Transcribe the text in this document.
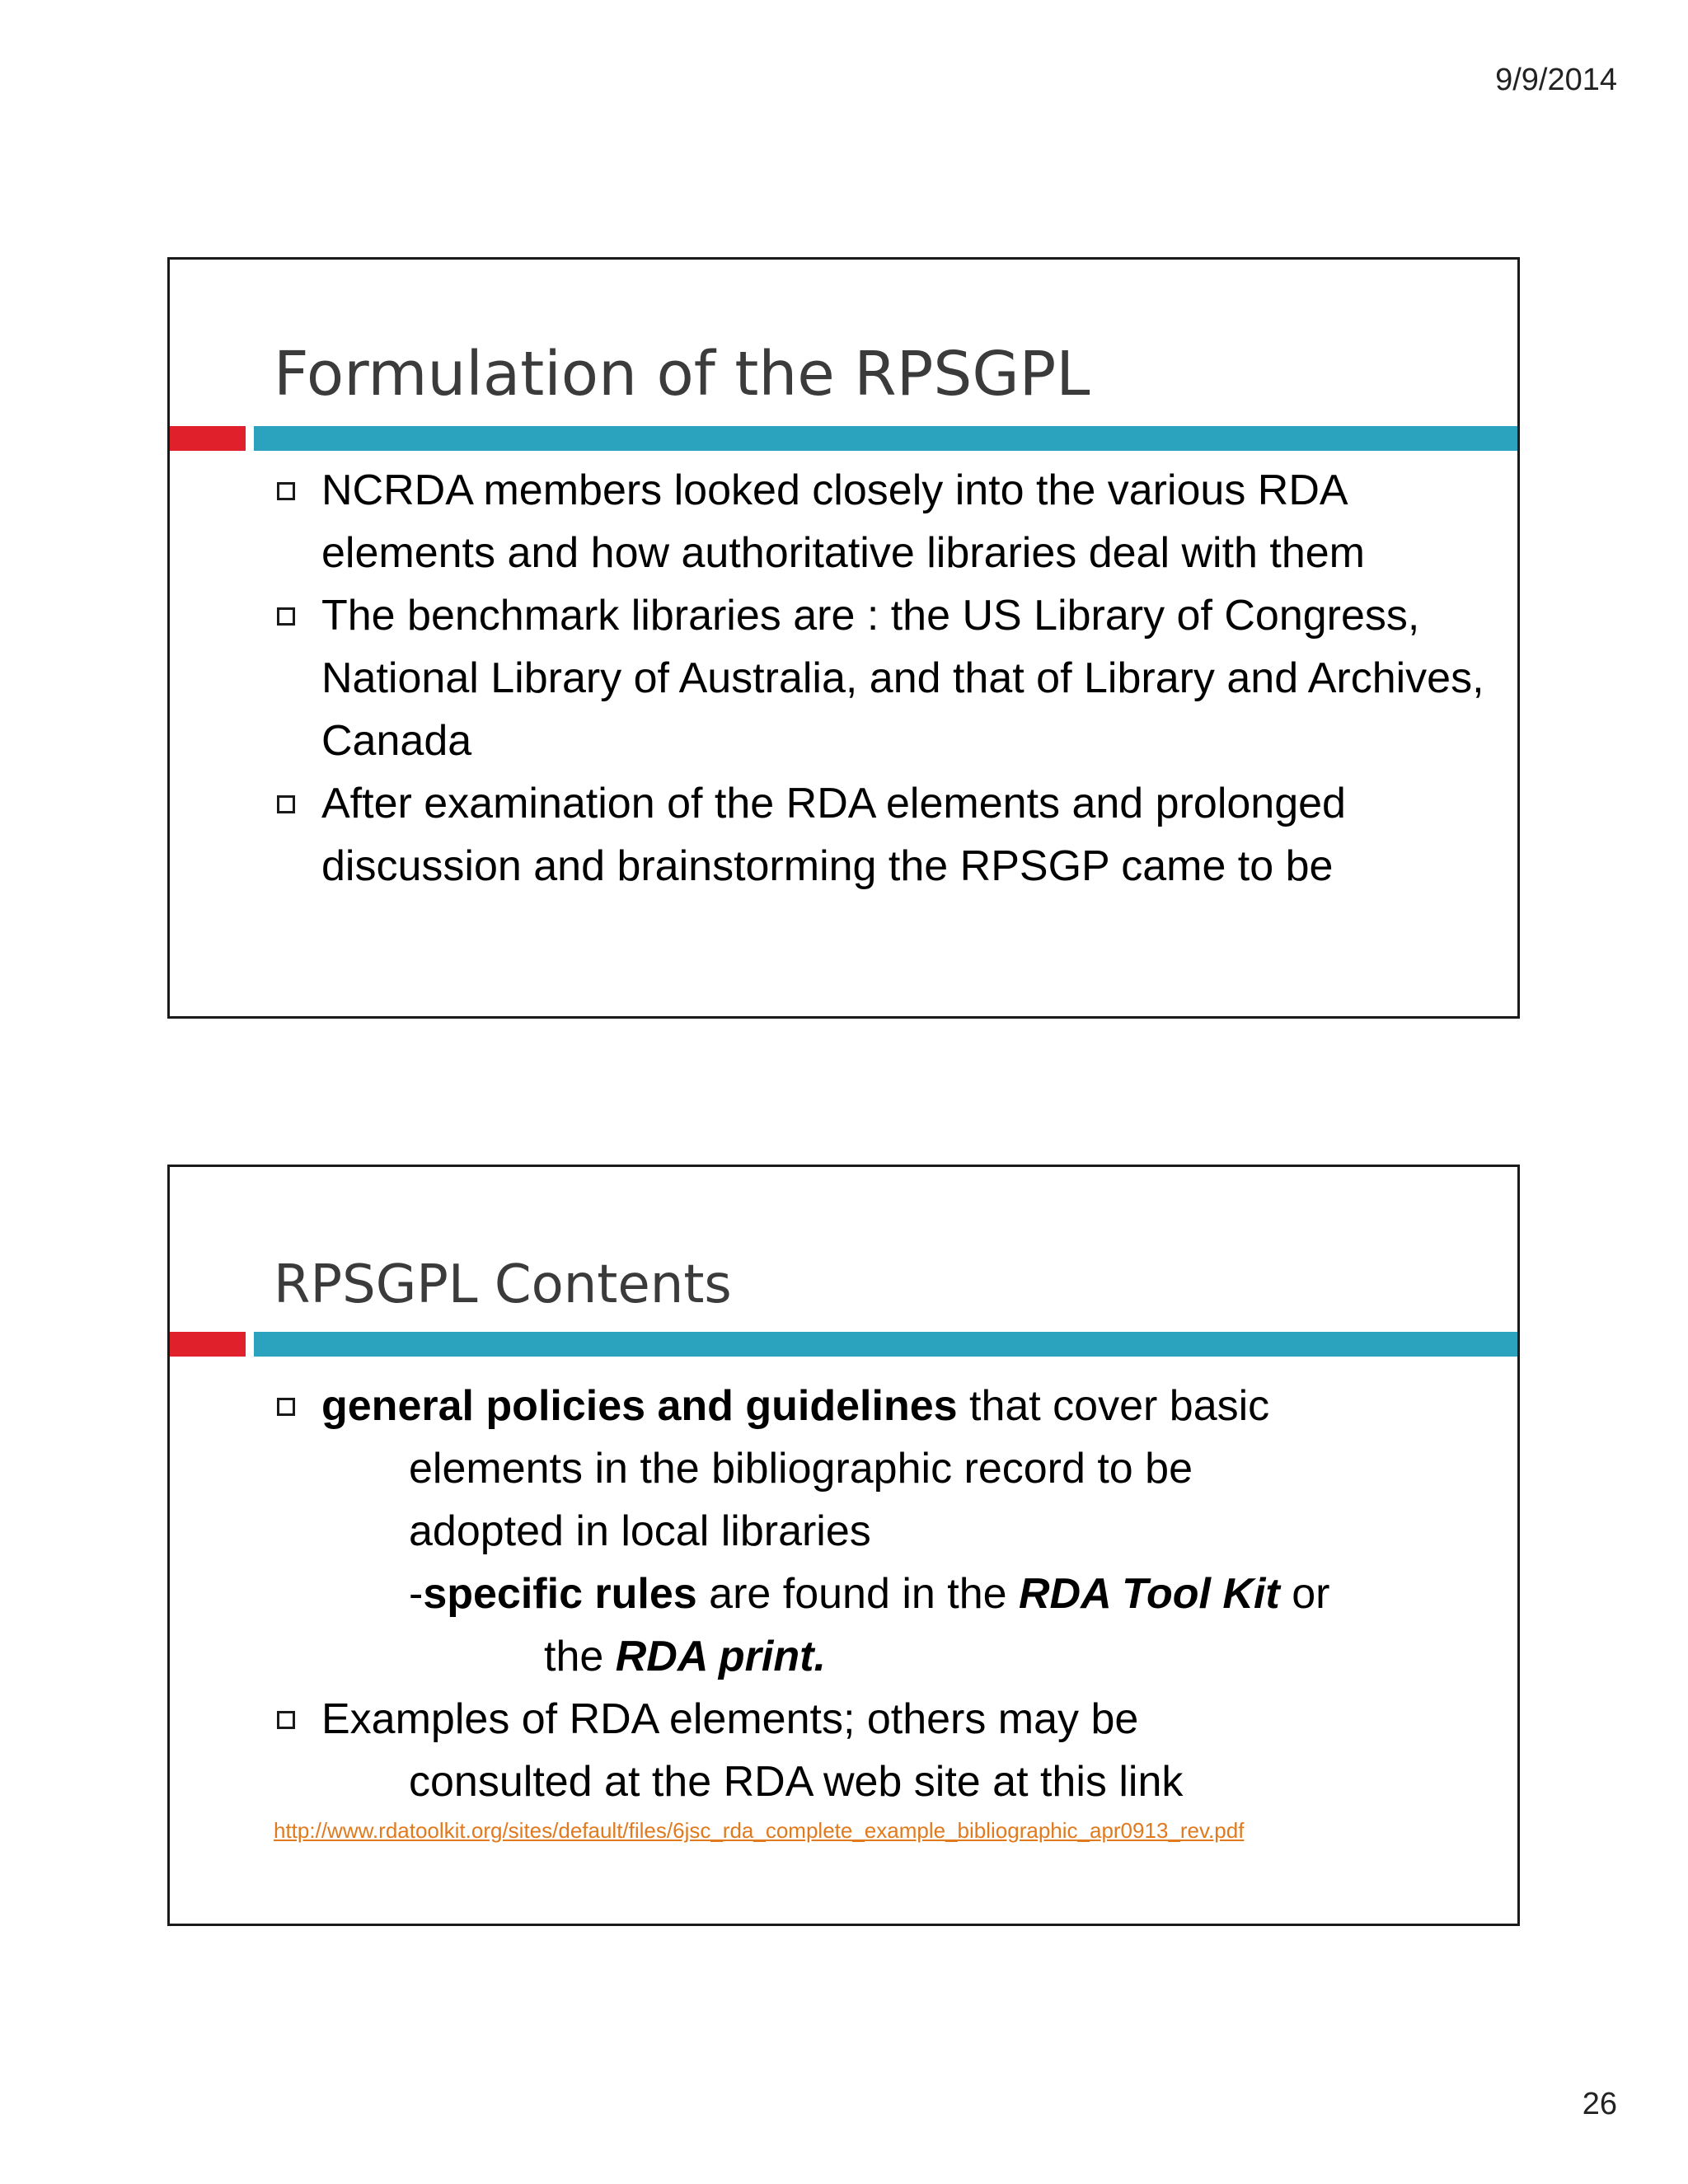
9/9/2014
Formulation of the RPSGPL
NCRDA members looked closely into the various RDA elements and how authoritative libraries deal with them
The benchmark libraries are : the US Library of Congress, National Library of Australia, and that of Library and Archives, Canada
After examination of the RDA elements and prolonged discussion and brainstorming the RPSGP came to be
RPSGPL Contents
general policies and guidelines that cover basic
elements in the bibliographic record to be
adopted in local libraries
-specific rules are found in the RDA Tool Kit or
the RDA print.
Examples of RDA elements; others may be
consulted at the RDA web site at this link
http://www.rdatoolkit.org/sites/default/files/6jsc_rda_complete_example_bibliographic_apr0913_rev.pdf
26
